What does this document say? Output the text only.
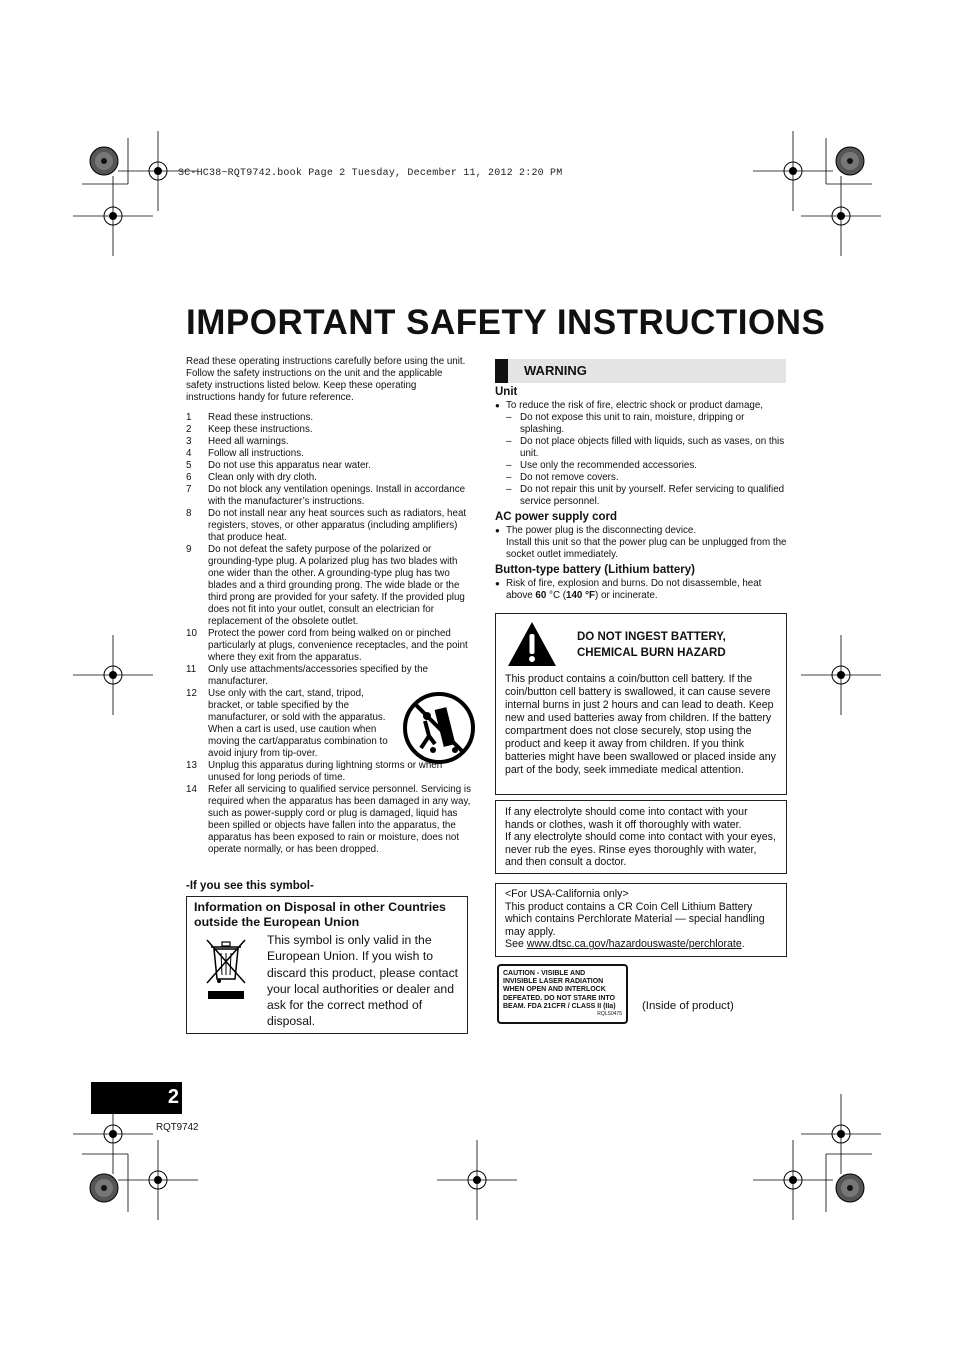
SC-HC38~RQT9742.book Page 2 Tuesday, December 11, 2012 2:20 PM
IMPORTANT SAFETY INSTRUCTIONS
Read these operating instructions carefully before using the unit. Follow the safety instructions on the unit and the applicable safety instructions listed below. Keep these operating instructions handy for future reference.
1	Read these instructions.
2	Keep these instructions.
3	Heed all warnings.
4	Follow all instructions.
5	Do not use this apparatus near water.
6	Clean only with dry cloth.
7	Do not block any ventilation openings. Install in accordance with the manufacturer’s instructions.
8	Do not install near any heat sources such as radiators, heat registers, stoves, or other apparatus (including amplifiers) that produce heat.
9	Do not defeat the safety purpose of the polarized or grounding-type plug. A polarized plug has two blades with one wider than the other. A grounding-type plug has two blades and a third grounding prong. The wide blade or the third prong are provided for your safety. If the provided plug does not fit into your outlet, consult an electrician for replacement of the obsolete outlet.
10	Protect the power cord from being walked on or pinched particularly at plugs, convenience receptacles, and the point where they exit from the apparatus.
11	Only use attachments/accessories specified by the manufacturer.
12	Use only with the cart, stand, tripod, bracket, or table specified by the manufacturer, or sold with the apparatus. When a cart is used, use caution when moving the cart/apparatus combination to avoid injury from tip-over.
13	Unplug this apparatus during lightning storms or when unused for long periods of time.
14	Refer all servicing to qualified service personnel. Servicing is required when the apparatus has been damaged in any way, such as power-supply cord or plug is damaged, liquid has been spilled or objects have fallen into the apparatus, the apparatus has been exposed to rain or moisture, does not operate normally, or has been dropped.
-If you see this symbol-
Information on Disposal in other Countries outside the European Union
This symbol is only valid in the European Union. If you wish to discard this product, please contact your local authorities or dealer and ask for the correct method of disposal.
WARNING
Unit
● To reduce the risk of fire, electric shock or product damage,
– Do not expose this unit to rain, moisture, dripping or splashing.
– Do not place objects filled with liquids, such as vases, on this unit.
– Use only the recommended accessories.
– Do not remove covers.
– Do not repair this unit by yourself. Refer servicing to qualified service personnel.
AC power supply cord
● The power plug is the disconnecting device.
Install this unit so that the power plug can be unplugged from the socket outlet immediately.
Button-type battery (Lithium battery)
● Risk of fire, explosion and burns. Do not disassemble, heat above 60 °C (140 °F) or incinerate.
DO NOT INGEST BATTERY, CHEMICAL BURN HAZARD
This product contains a coin/button cell battery. If the coin/button cell battery is swallowed, it can cause severe internal burns in just 2 hours and can lead to death. Keep new and used batteries away from children. If the battery compartment does not close securely, stop using the product and keep it away from children. If you think batteries might have been swallowed or placed inside any part of the body, seek immediate medical attention.
If any electrolyte should come into contact with your hands or clothes, wash it off thoroughly with water.
If any electrolyte should come into contact with your eyes, never rub the eyes. Rinse eyes thoroughly with water, and then consult a doctor.
<For USA-California only>
This product contains a CR Coin Cell Lithium Battery which contains Perchlorate Material — special handling may apply.
See www.dtsc.ca.gov/hazardouswaste/perchlorate.
CAUTION - VISIBLE AND INVISIBLE LASER RADIATION WHEN OPEN AND INTERLOCK DEFEATED. DO NOT STARE INTO BEAM. FDA 21CFR / CLASS II (IIa)
RQLS0475
(Inside of product)
2
RQT9742
